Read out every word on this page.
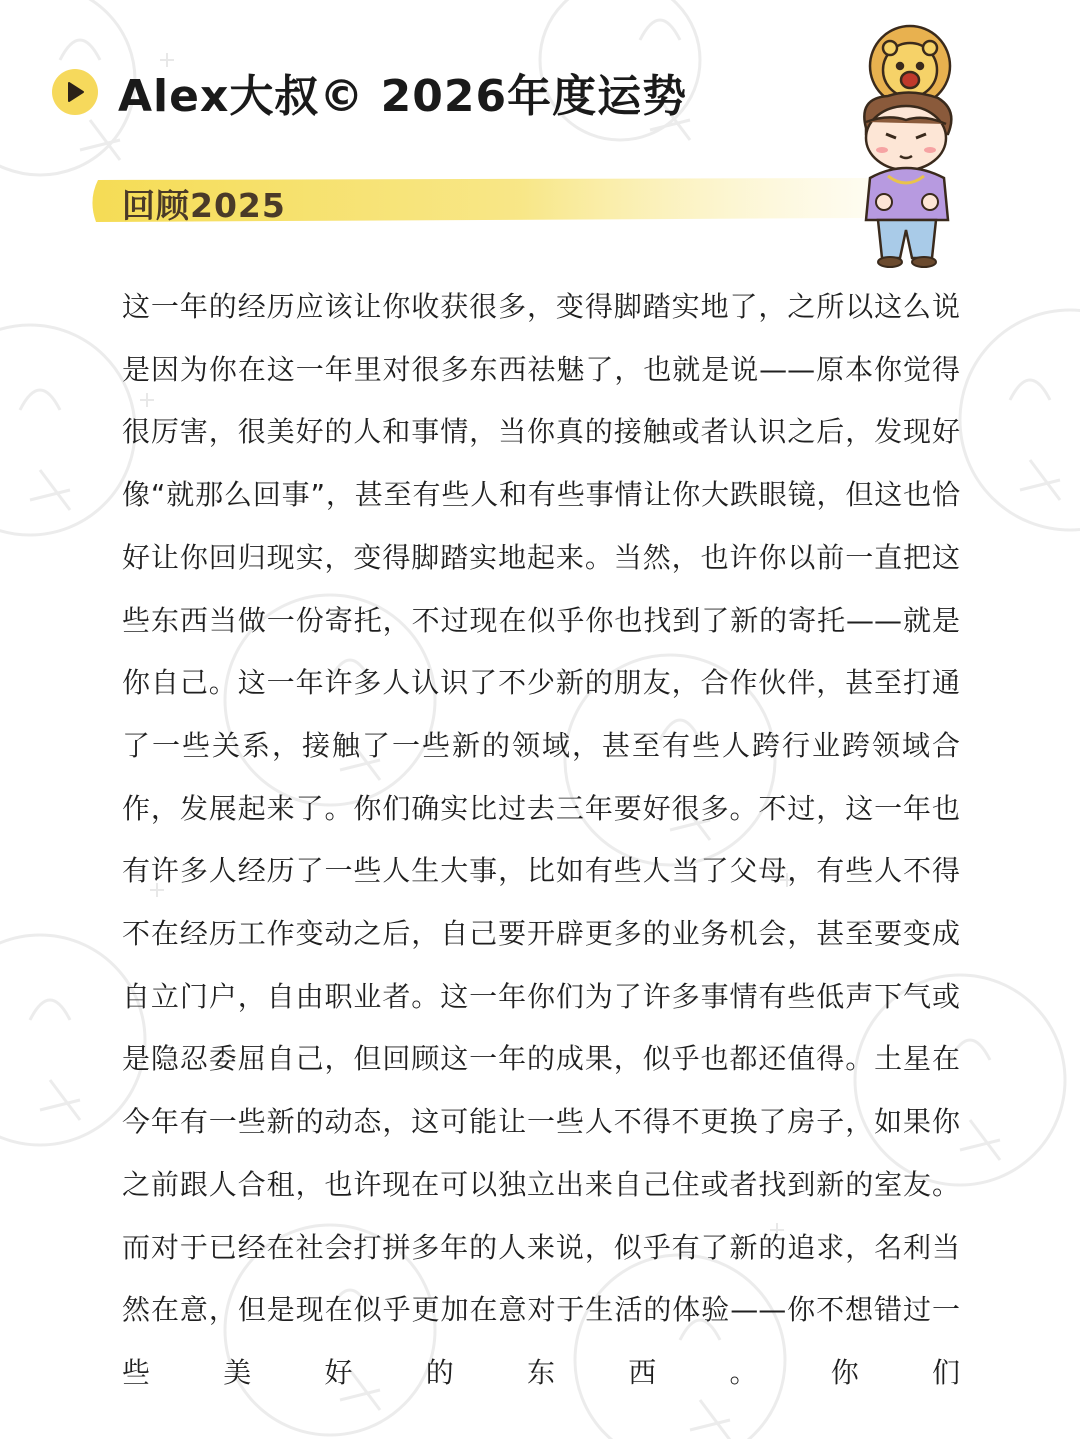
Alex大叔© 2026年度运势
回顾2025

这一年的经历应该让你收获很多，变得脚踏实地了，之所以这么说是因为你在这一年里对很多东西祛魅了，也就是说——原本你觉得很厉害，很美好的人和事情，当你真的接触或者认识之后，发现好像“就那么回事”，甚至有些人和有些事情让你大跌眼镜，但这也恰好让你回归现实，变得脚踏实地起来。当然，也许你以前一直把这些东西当做一份寄托，不过现在似乎你也找到了新的寄托——就是你自己。这一年许多人认识了不少新的朋友，合作伙伴，甚至打通了一些关系，接触了一些新的领域，甚至有些人跨行业跨领域合作，发展起来了。你们确实比过去三年要好很多。不过，这一年也有许多人经历了一些人生大事，比如有些人当了父母，有些人不得不在经历工作变动之后，自己要开辟更多的业务机会，甚至要变成自立门户，自由职业者。这一年你们为了许多事情有些低声下气或是隐忍委屈自己，但回顾这一年的成果，似乎也都还值得。土星在今年有一些新的动态，这可能让一些人不得不更换了房子，如果你之前跟人合租，也许现在可以独立出来自己住或者找到新的室友。而对于已经在社会打拼多年的人来说，似乎有了新的追求，名利当然在意，但是现在似乎更加在意对于生活的体验——你不想错过一些美好的东西。你们
